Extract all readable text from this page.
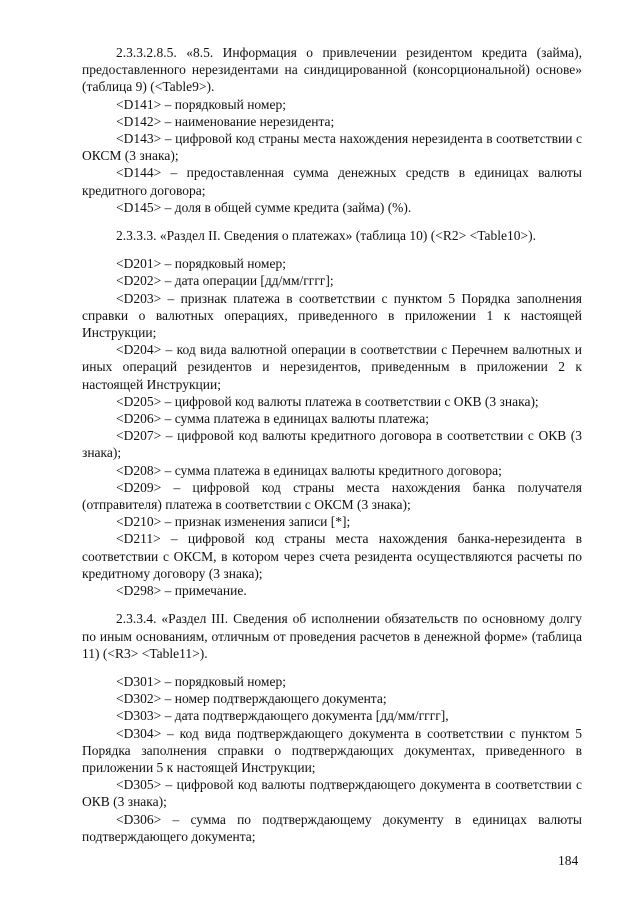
2.3.3.2.8.5. «8.5. Информация о привлечении резидентом кредита (займа), предоставленного нерезидентами на синдицированной (консорциональной) основе» (таблица 9) (<Table9>).

<D141> – порядковый номер;

<D142> – наименование нерезидента;

<D143> – цифровой код страны места нахождения нерезидента в соответствии с ОКСМ (3 знака);

<D144> – предоставленная сумма денежных средств в единицах валюты кредитного договора;

<D145> – доля в общей сумме кредита (займа) (%).

2.3.3.3. «Раздел II. Сведения о платежах» (таблица 10) (<R2> <Table10>).

<D201> – порядковый номер;

<D202> – дата операции [дд/мм/гггг];

<D203> – признак платежа в соответствии с пунктом 5 Порядка заполнения справки о валютных операциях, приведенного в приложении 1 к настоящей Инструкции;

<D204> – код вида валютной операции в соответствии с Перечнем валютных и иных операций резидентов и нерезидентов, приведенным в приложении 2 к настоящей Инструкции;

<D205> – цифровой код валюты платежа в соответствии с ОКВ (3 знака);

<D206> – сумма платежа в единицах валюты платежа;

<D207> – цифровой код валюты кредитного договора в соответствии с ОКВ (3 знака);

<D208> – сумма платежа в единицах валюты кредитного договора;

<D209> – цифровой код страны места нахождения банка получателя (отправителя) платежа в соответствии с ОКСМ (3 знака);

<D210> – признак изменения записи [*];

<D211> – цифровой код страны места нахождения банка-нерезидента в соответствии с ОКСМ, в котором через счета резидента осуществляются расчеты по кредитному договору (3 знака);

<D298> – примечание.

2.3.3.4. «Раздел III. Сведения об исполнении обязательств по основному долгу по иным основаниям, отличным от проведения расчетов в денежной форме» (таблица 11) (<R3> <Table11>).

<D301> – порядковый номер;

<D302> – номер подтверждающего документа;

<D303> – дата подтверждающего документа [дд/мм/гггг],

<D304> – код вида подтверждающего документа в соответствии с пунктом 5 Порядка заполнения справки о подтверждающих документах, приведенного в приложении 5 к настоящей Инструкции;

<D305> – цифровой код валюты подтверждающего документа в соответствии с ОКВ (3 знака);

<D306> – сумма по подтверждающему документу в единицах валюты подтверждающего документа;

184
